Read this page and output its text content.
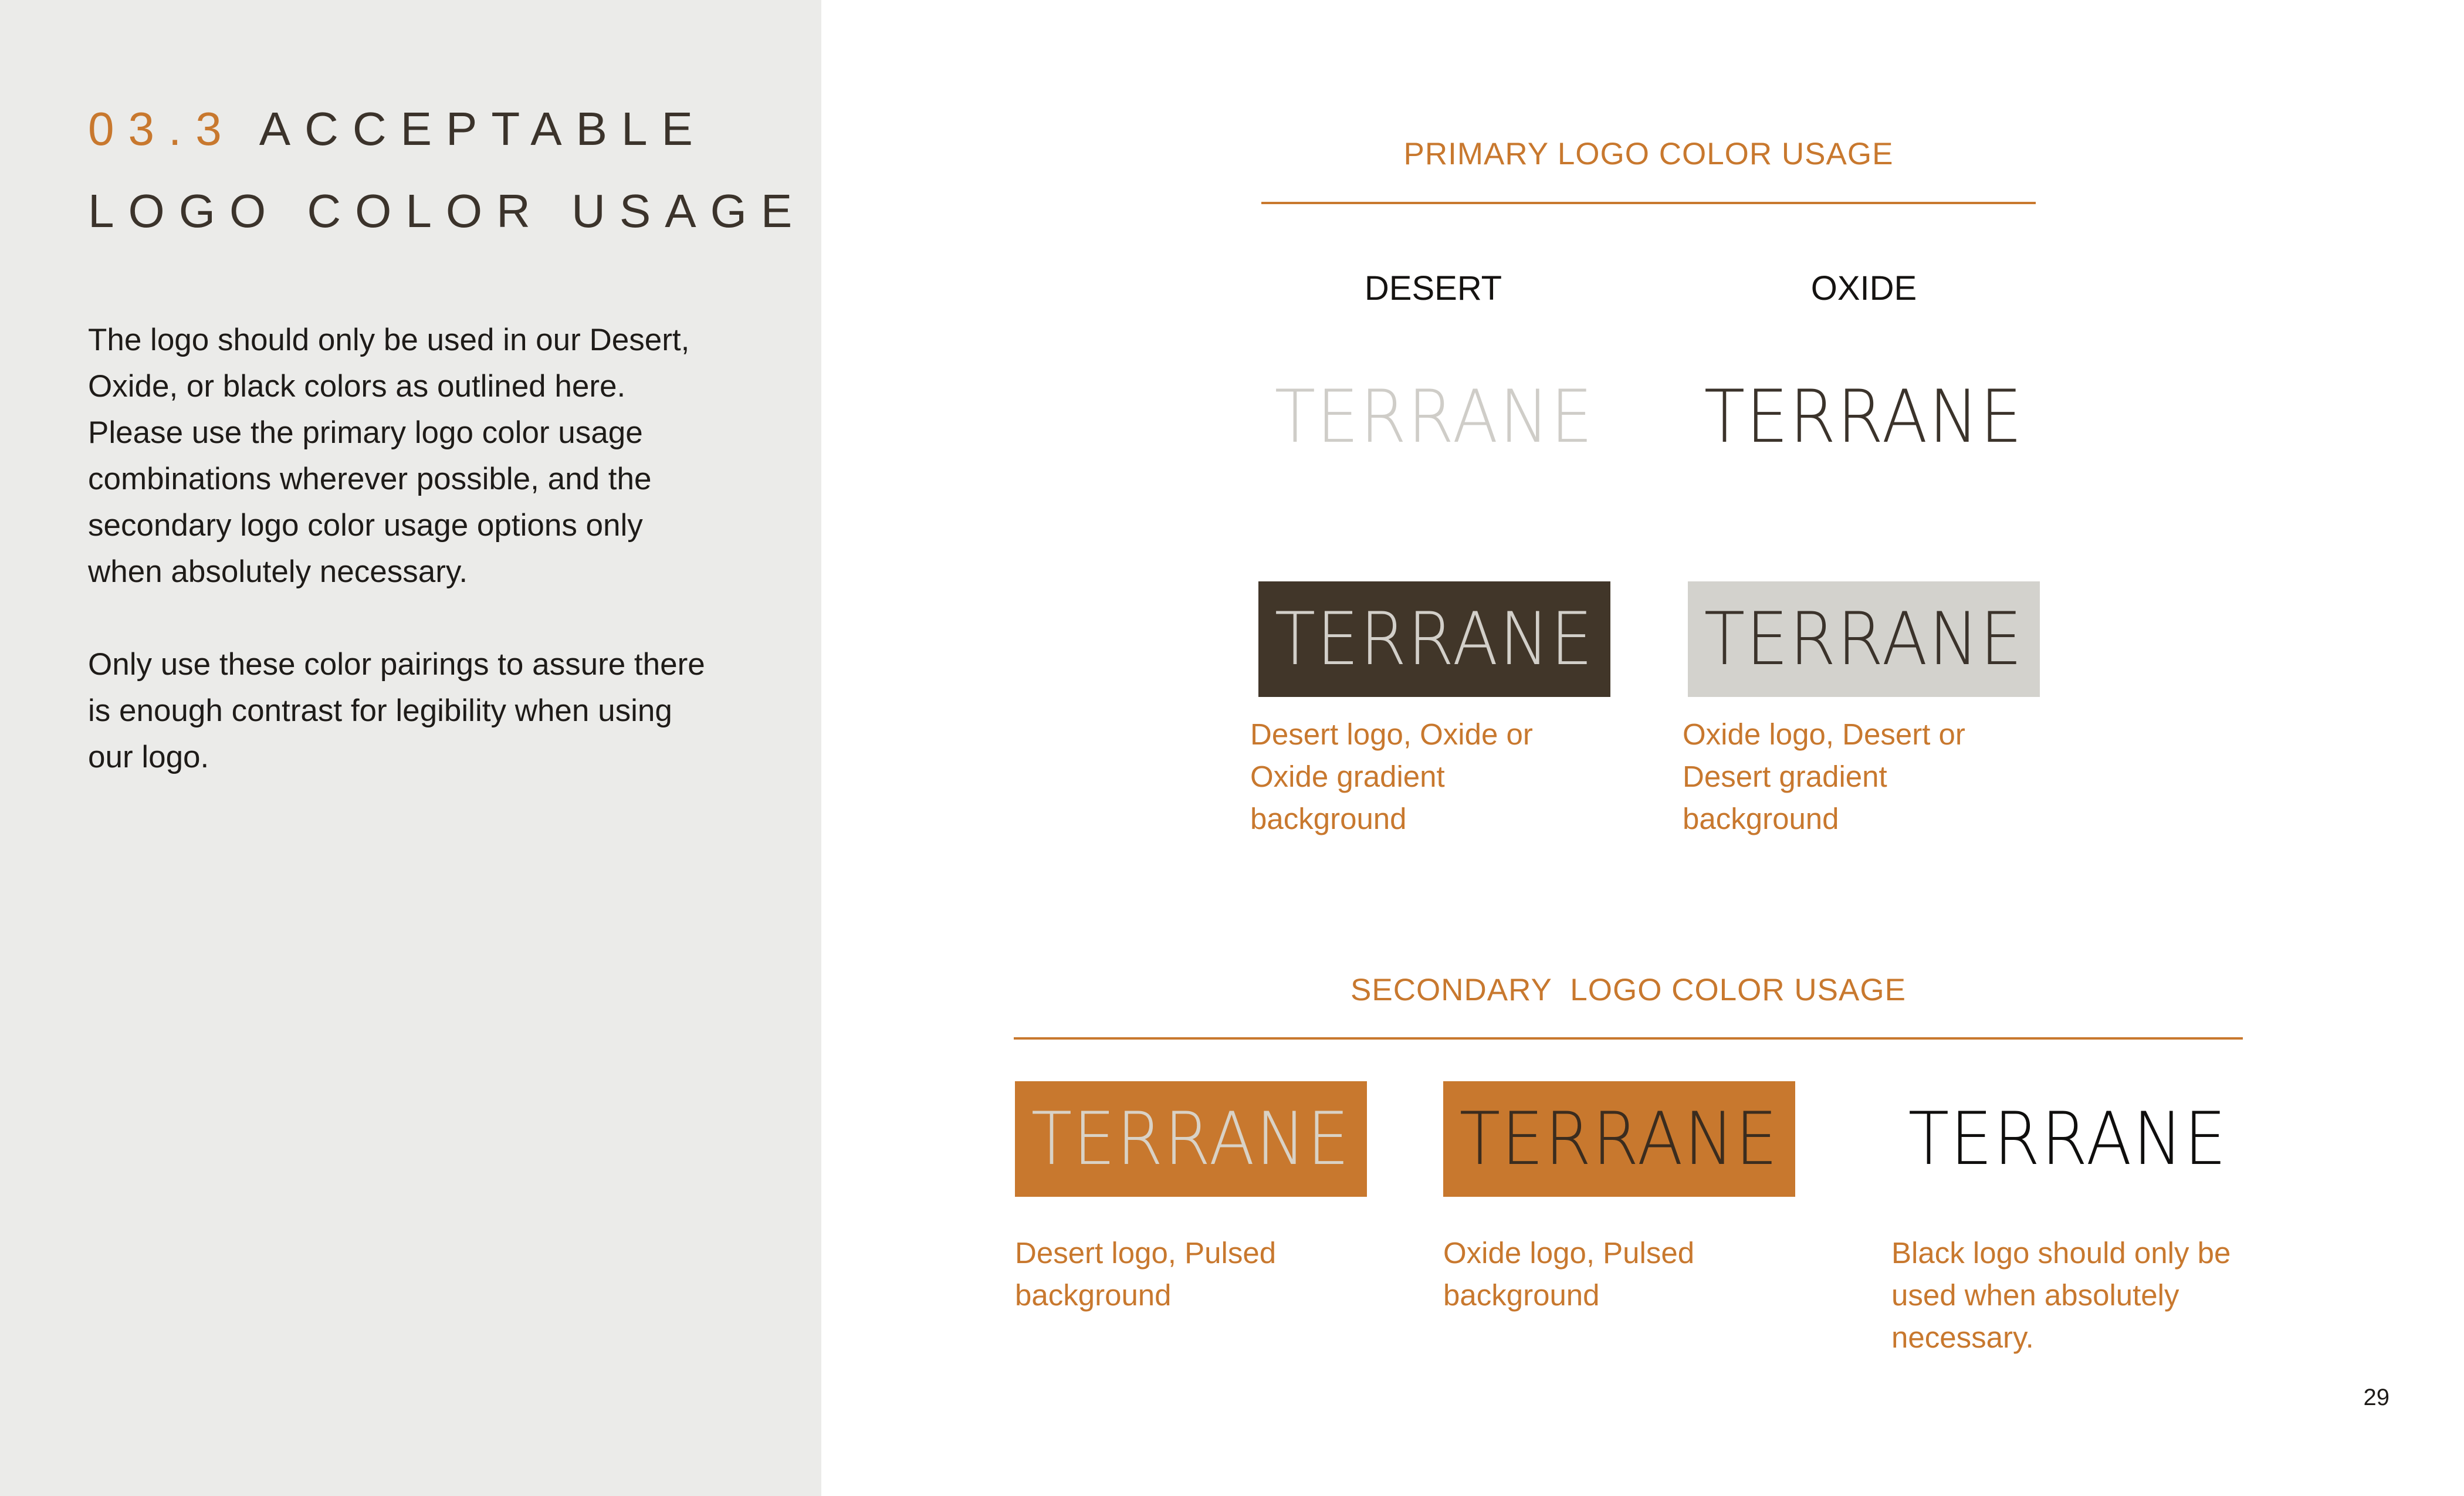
03.3 ACCEPTABLE
LOGO COLOR USAGE

The logo should only be used in our Desert, Oxide, or black colors as outlined here. Please use the primary logo color usage combinations wherever possible, and the secondary logo color usage options only when absolutely necessary.

Only use these color pairings to assure there is enough contrast for legibility when using our logo.

PRIMARY LOGO COLOR USAGE
DESERT	OXIDE
TERRANE TERRANE
TERRANE TERRANE
Desert logo, Oxide or Oxide gradient background
Oxide logo, Desert or Desert gradient background
SECONDARY  LOGO COLOR USAGE
TERRANE TERRANE TERRANE
Desert logo, Pulsed background
Oxide logo, Pulsed background
Black logo should only be used when absolutely necessary.
29
